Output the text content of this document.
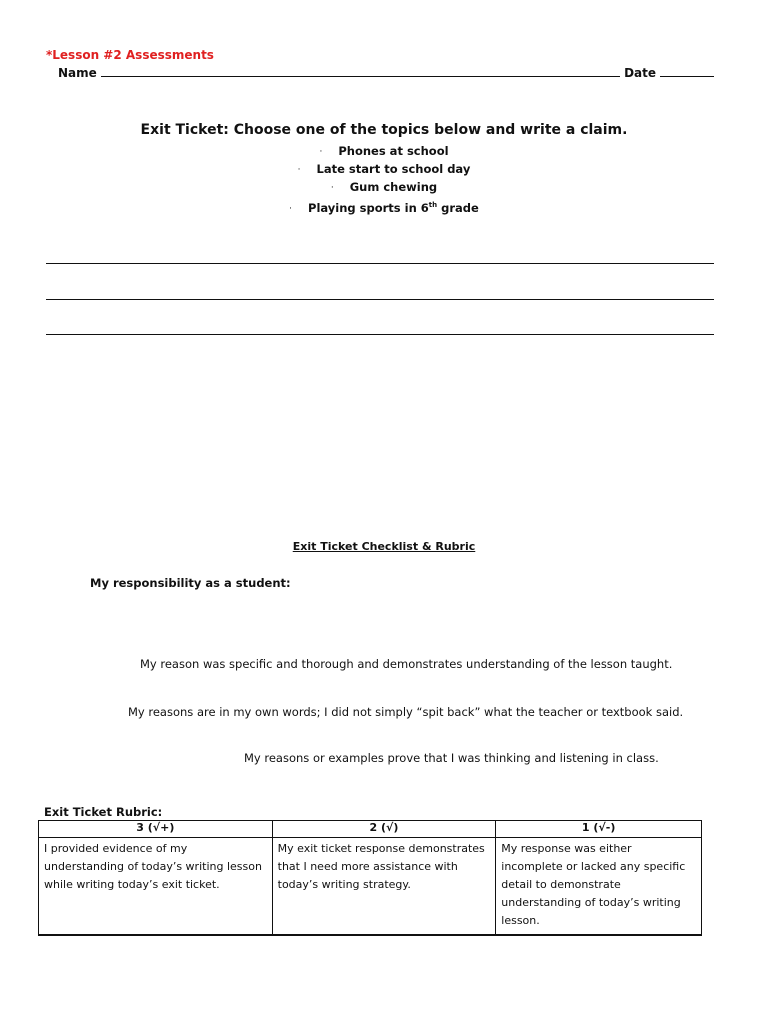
*Lesson #2 Assessments
Name	Date
Exit Ticket: Choose one of the topics below and write a claim.
· Phones at school
· Late start to school day
· Gum chewing
· Playing sports in 6th grade
Exit Ticket Checklist & Rubric
My responsibility as a student:
My reason was specific and thorough and demonstrates understanding of the lesson taught.
My reasons are in my own words; I did not simply “spit back” what the teacher or textbook said.
My reasons or examples prove that I was thinking and listening in class.
Exit Ticket Rubric:
3 (√+)	2 (√)	1 (√-)
I provided evidence of my understanding of today’s writing lesson while writing today’s exit ticket.	My exit ticket response demonstrates that I need more assistance with today’s writing strategy.	My response was either incomplete or lacked any specific detail to demonstrate understanding of today’s writing lesson.
